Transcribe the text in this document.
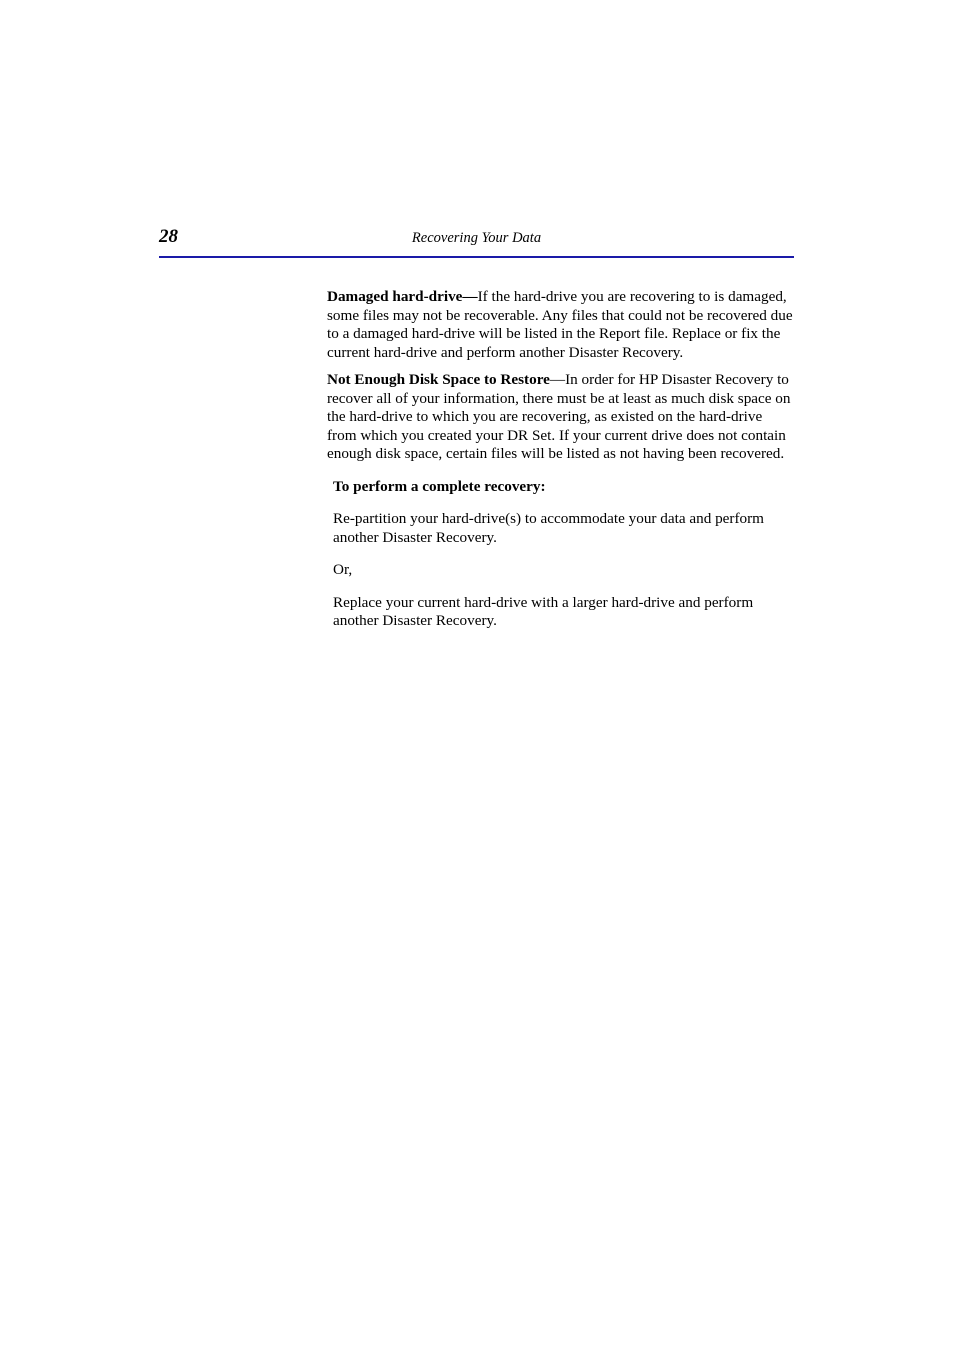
28	Recovering Your Data

Damaged hard-drive—If the hard-drive you are recovering to is damaged, some files may not be recoverable. Any files that could not be recovered due to a damaged hard-drive will be listed in the Report file. Replace or fix the current hard-drive and perform another Disaster Recovery.

Not Enough Disk Space to Restore—In order for HP Disaster Recovery to recover all of your information, there must be at least as much disk space on the hard-drive to which you are recovering, as existed on the hard-drive from which you created your DR Set. If your current drive does not contain enough disk space, certain files will be listed as not having been recovered.

To perform a complete recovery:

Re-partition your hard-drive(s) to accommodate your data and perform another Disaster Recovery.

Or,

Replace your current hard-drive with a larger hard-drive and perform another Disaster Recovery.
